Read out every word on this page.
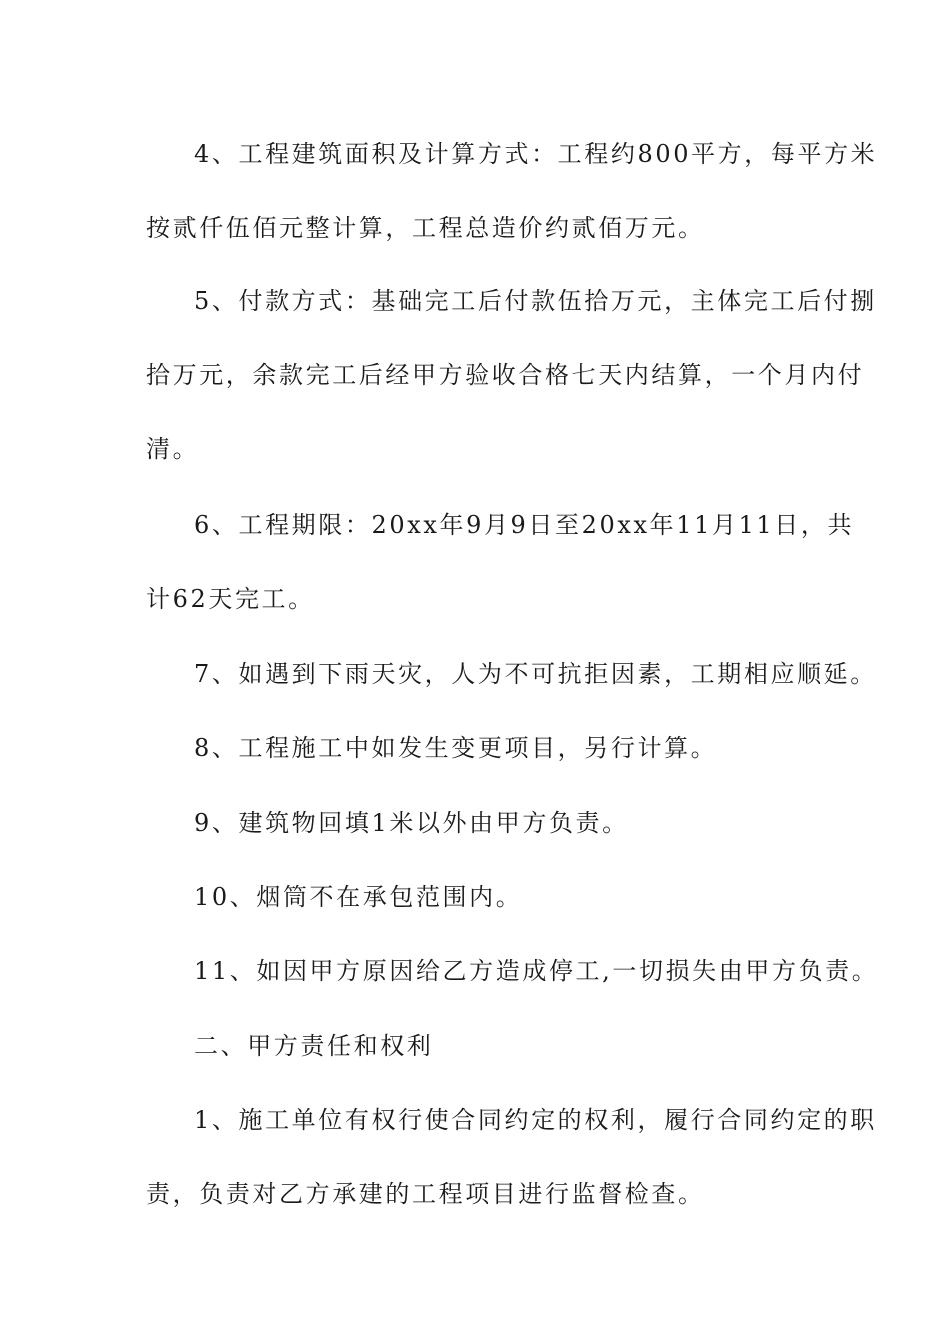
4、工程建筑面积及计算方式：工程约800平方，每平方米
按贰仟伍佰元整计算，工程总造价约贰佰万元。
5、付款方式：基础完工后付款伍拾万元，主体完工后付捌
拾万元，余款完工后经甲方验收合格七天内结算，一个月内付
清。
6、工程期限：20xx年9月9日至20xx年11月11日，共
计62天完工。
7、如遇到下雨天灾，人为不可抗拒因素，工期相应顺延。
8、工程施工中如发生变更项目，另行计算。
9、建筑物回填1米以外由甲方负责。
10、烟筒不在承包范围内。
11、如因甲方原因给乙方造成停工,一切损失由甲方负责。
二、甲方责任和权利
1、施工单位有权行使合同约定的权利，履行合同约定的职
责，负责对乙方承建的工程项目进行监督检查。
